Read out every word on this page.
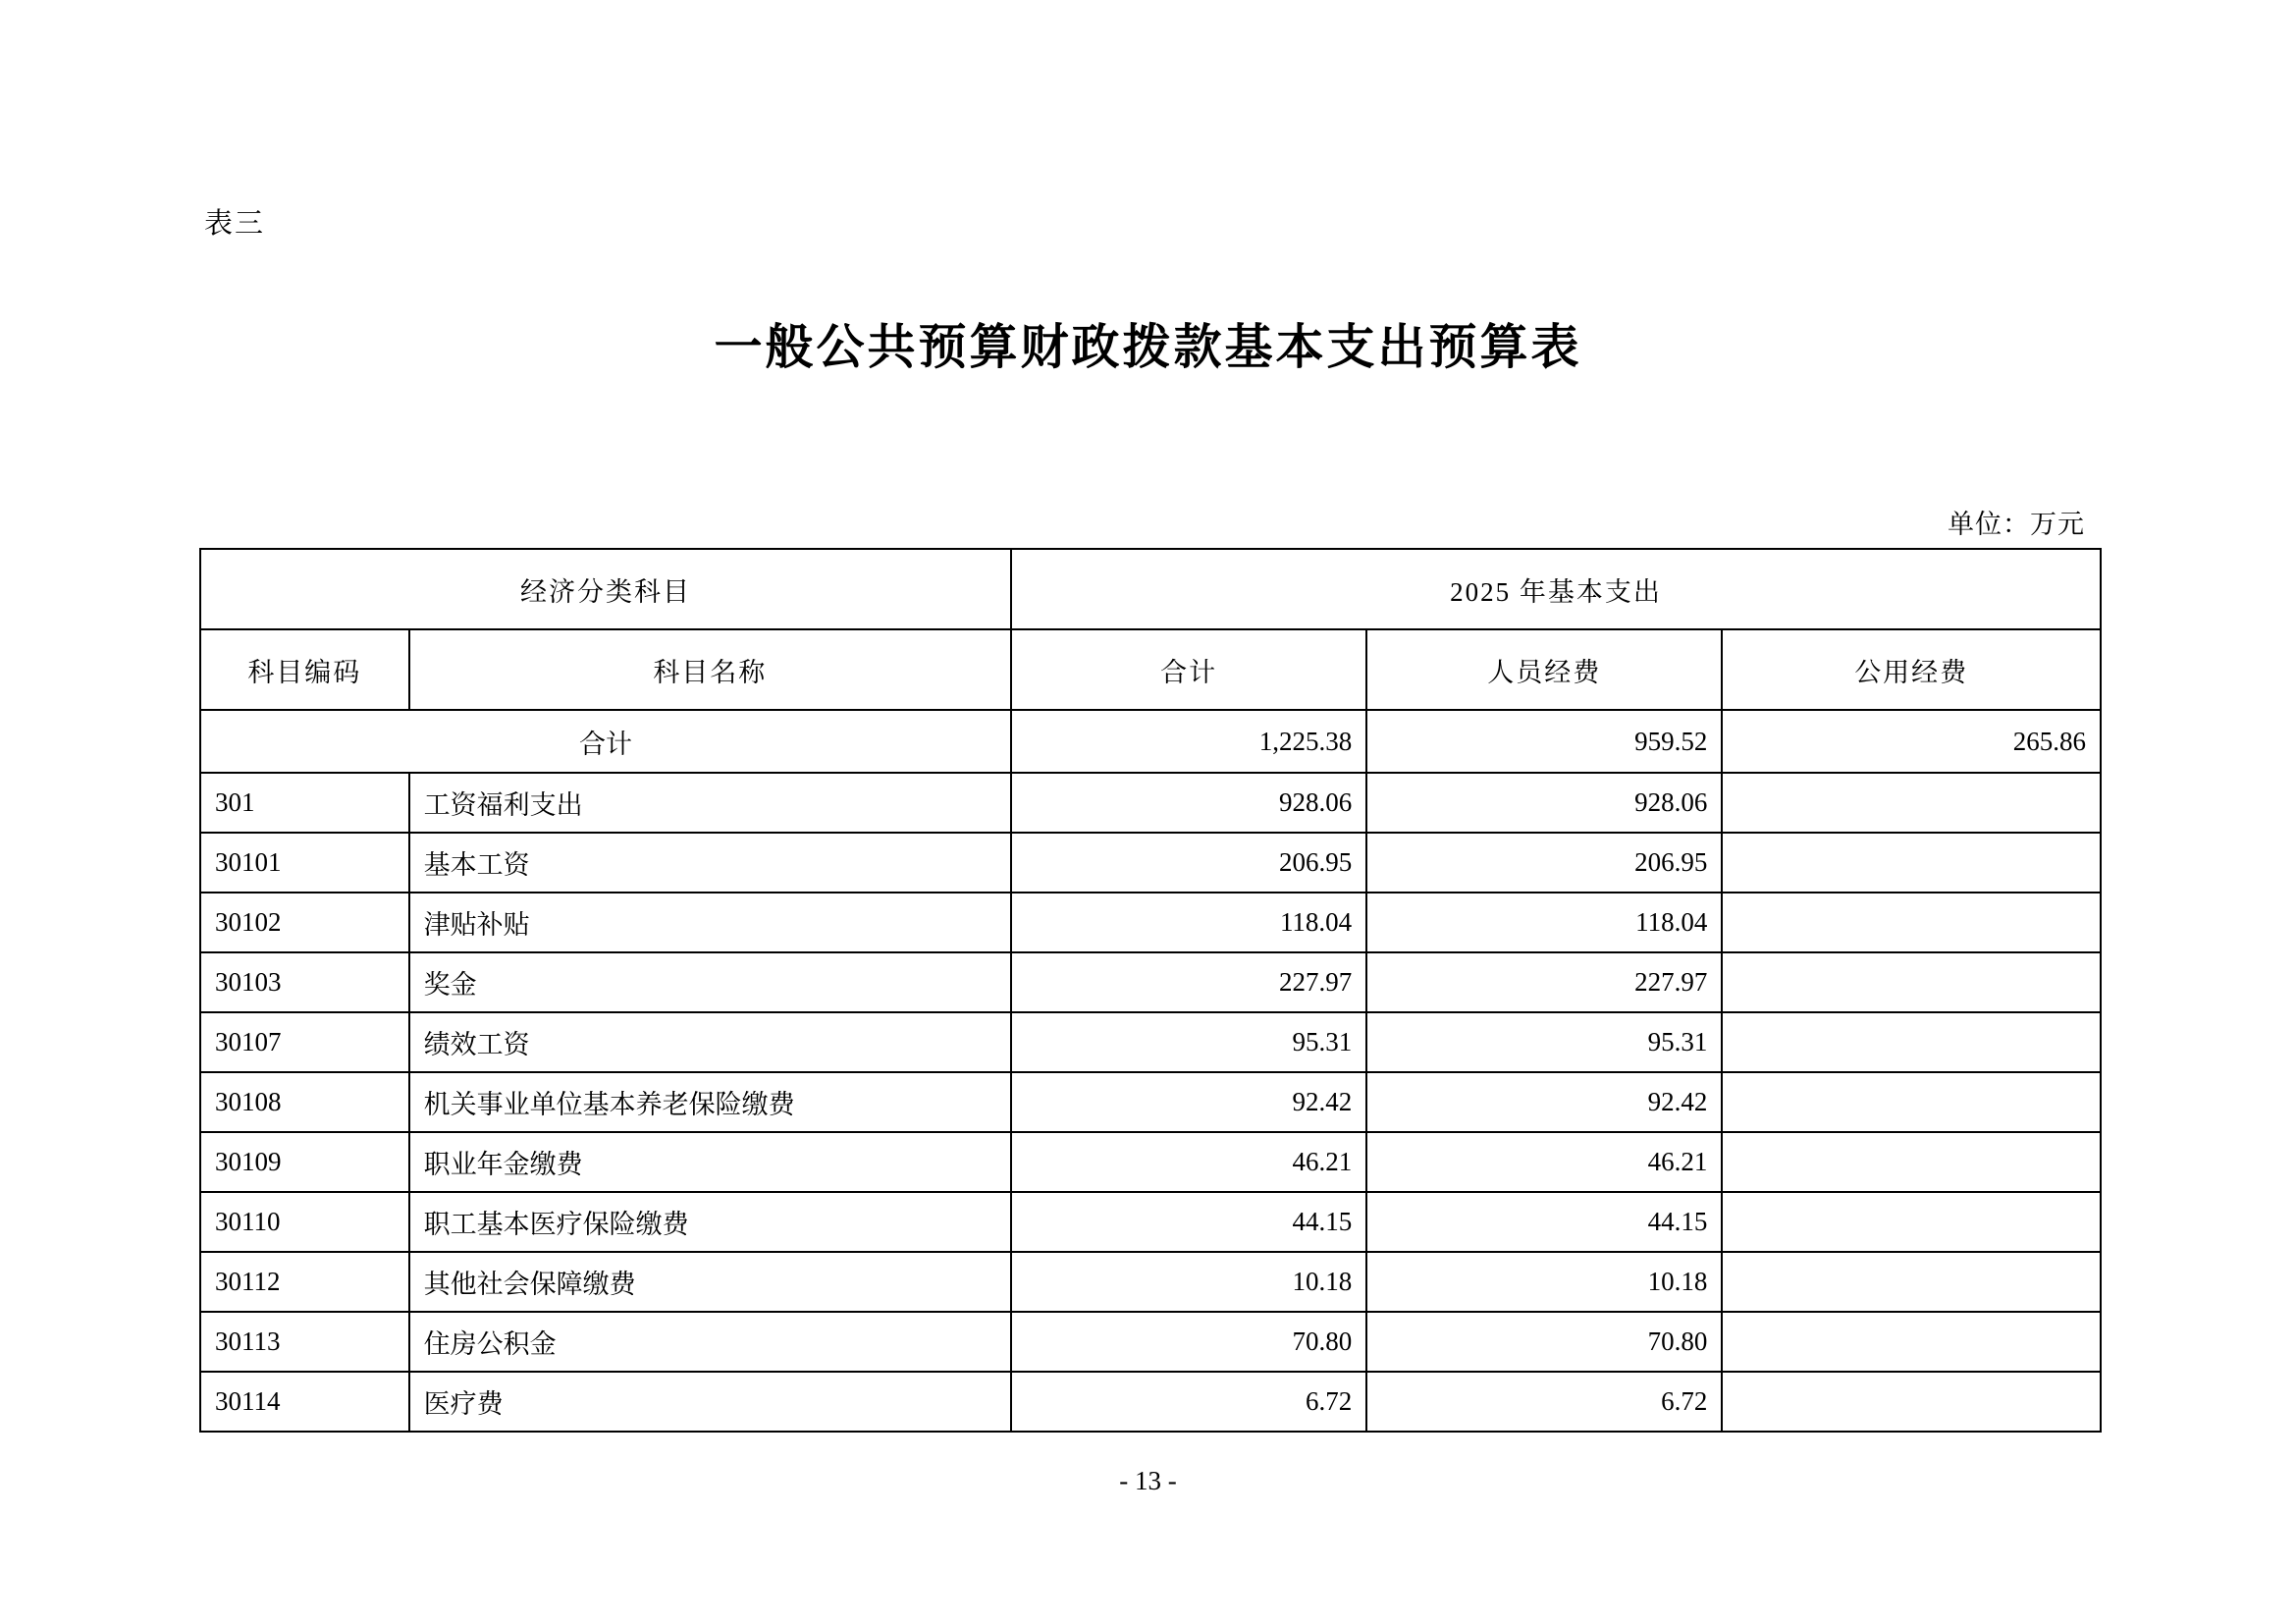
表三
一般公共预算财政拨款基本支出预算表
单位：万元
经济分类科目		2025 年基本支出		
科目编码	科目名称	合计	人员经费	公用经费
合计		1,225.38	959.52	265.86
301	工资福利支出	928.06	928.06	
30101	基本工资	206.95	206.95	
30102	津贴补贴	118.04	118.04	
30103	奖金	227.97	227.97	
30107	绩效工资	95.31	95.31	
30108	机关事业单位基本养老保险缴费	92.42	92.42	
30109	职业年金缴费	46.21	46.21	
30110	职工基本医疗保险缴费	44.15	44.15	
30112	其他社会保障缴费	10.18	10.18	
30113	住房公积金	70.80	70.80	
30114	医疗费	6.72	6.72	
- 13 -
